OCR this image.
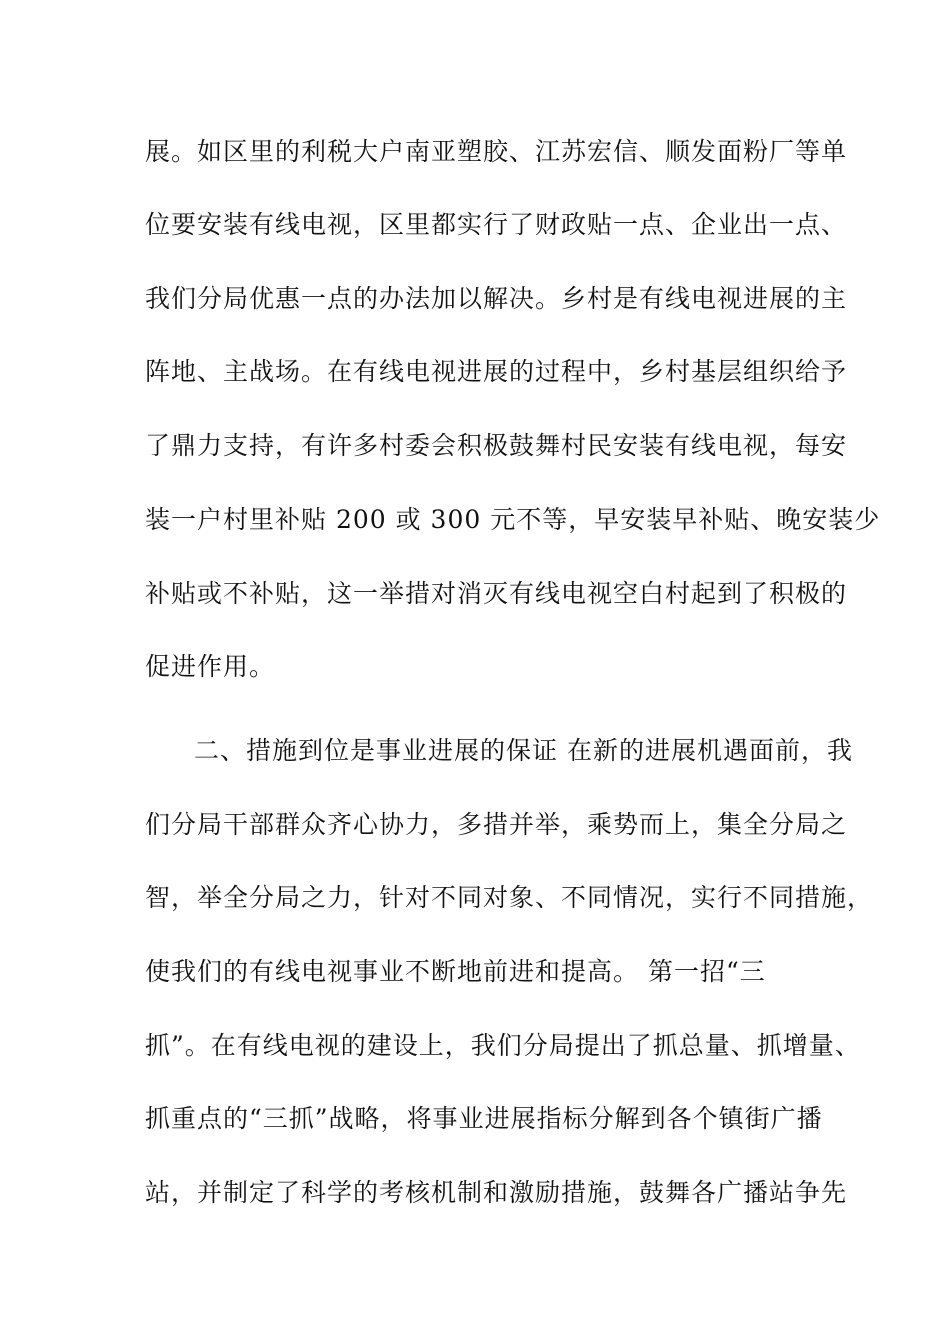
展。如区里的利税大户南亚塑胶、江苏宏信、顺发面粉厂等单
位要安装有线电视，区里都实行了财政贴一点、企业出一点、
我们分局优惠一点的办法加以解决。乡村是有线电视进展的主
阵地、主战场。在有线电视进展的过程中，乡村基层组织给予
了鼎力支持，有许多村委会积极鼓舞村民安装有线电视，每安
装一户村里补贴 200 或 300 元不等，早安装早补贴、晚安装少
补贴或不补贴，这一举措对消灭有线电视空白村起到了积极的
促进作用。
二、措施到位是事业进展的保证 在新的进展机遇面前，我
们分局干部群众齐心协力，多措并举，乘势而上，集全分局之
智，举全分局之力，针对不同对象、不同情况，实行不同措施，
使我们的有线电视事业不断地前进和提高。 第一招“三
抓”。在有线电视的建设上，我们分局提出了抓总量、抓增量、
抓重点的“三抓”战略，将事业进展指标分解到各个镇街广播
站，并制定了科学的考核机制和激励措施，鼓舞各广播站争先
